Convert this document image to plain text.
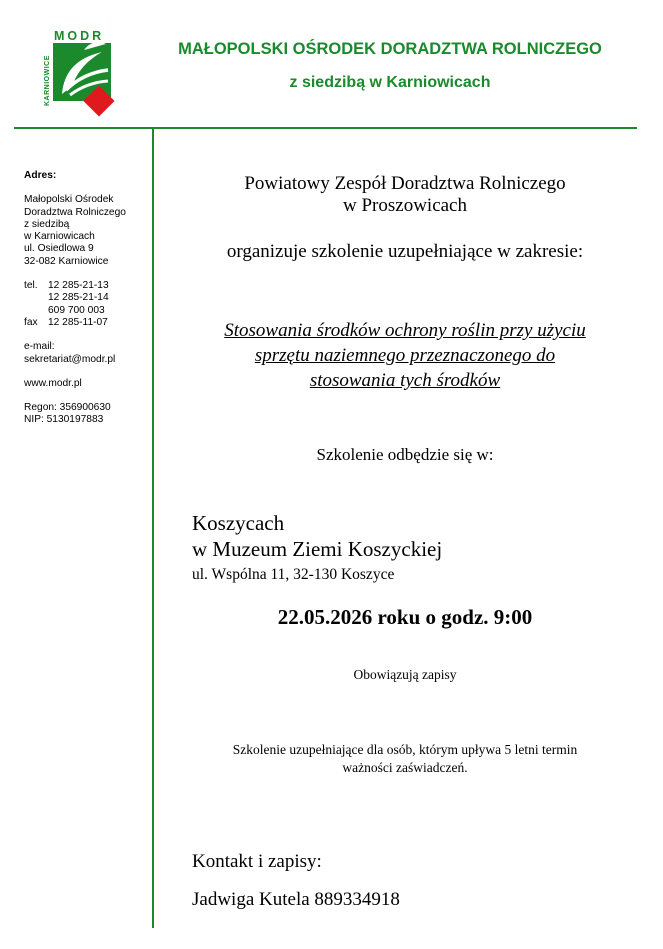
MODR
KARNIOWICE
MAŁOPOLSKI OŚRODEK DORADZTWA ROLNICZEGO
z siedzibą w Karniowicach
Adres:
Małopolski Ośrodek
Doradztwa Rolniczego
z siedzibą
w Karniowicach
ul. Osiedlowa 9
32-082 Karniowice
tel.	12 285-21-13
12 285-21-14
609 700 003
fax	12 285-11-07
e-mail:
sekretariat@modr.pl
www.modr.pl
Regon: 356900630
NIP: 5130197883
Powiatowy Zespół Doradztwa Rolniczego
w Proszowicach
organizuje szkolenie uzupełniające w zakresie:
Stosowania środków ochrony roślin przy użyciu
sprzętu naziemnego przeznaczonego do
stosowania tych środków
Szkolenie odbędzie się w:
Koszycach
w Muzeum Ziemi Koszyckiej
ul. Wspólna 11, 32-130 Koszyce
22.05.2026 roku o godz. 9:00
Obowiązują zapisy
Szkolenie uzupełniające dla osób, którym upływa 5 letni termin
ważności zaświadczeń.
Kontakt i zapisy:
Jadwiga Kutela 889334918
